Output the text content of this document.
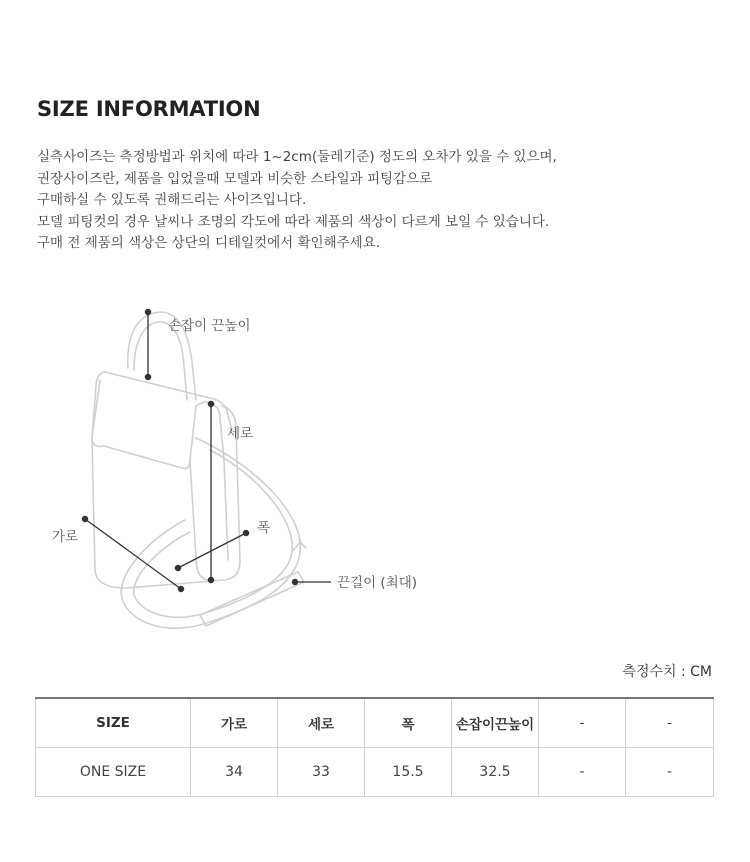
SIZE INFORMATION
실측사이즈는 측정방법과 위치에 따라 1~2cm(둘레기준) 정도의 오차가 있을 수 있으며,
권장사이즈란, 제품을 입었을때 모델과 비슷한 스타일과 피팅감으로
구매하실 수 있도록 권해드리는 사이즈입니다.
모델 피팅컷의 경우 날씨나 조명의 각도에 따라 제품의 색상이 다르게 보일 수 있습니다.
구매 전 제품의 색상은 상단의 디테일컷에서 확인해주세요.
손잡이 끈높이
세로
폭
가로
끈길이 (최대)
측정수치 : CM
SIZE	가로	세로	폭	손잡이끈높이	-	-
ONE SIZE	34	33	15.5	32.5	-	-
